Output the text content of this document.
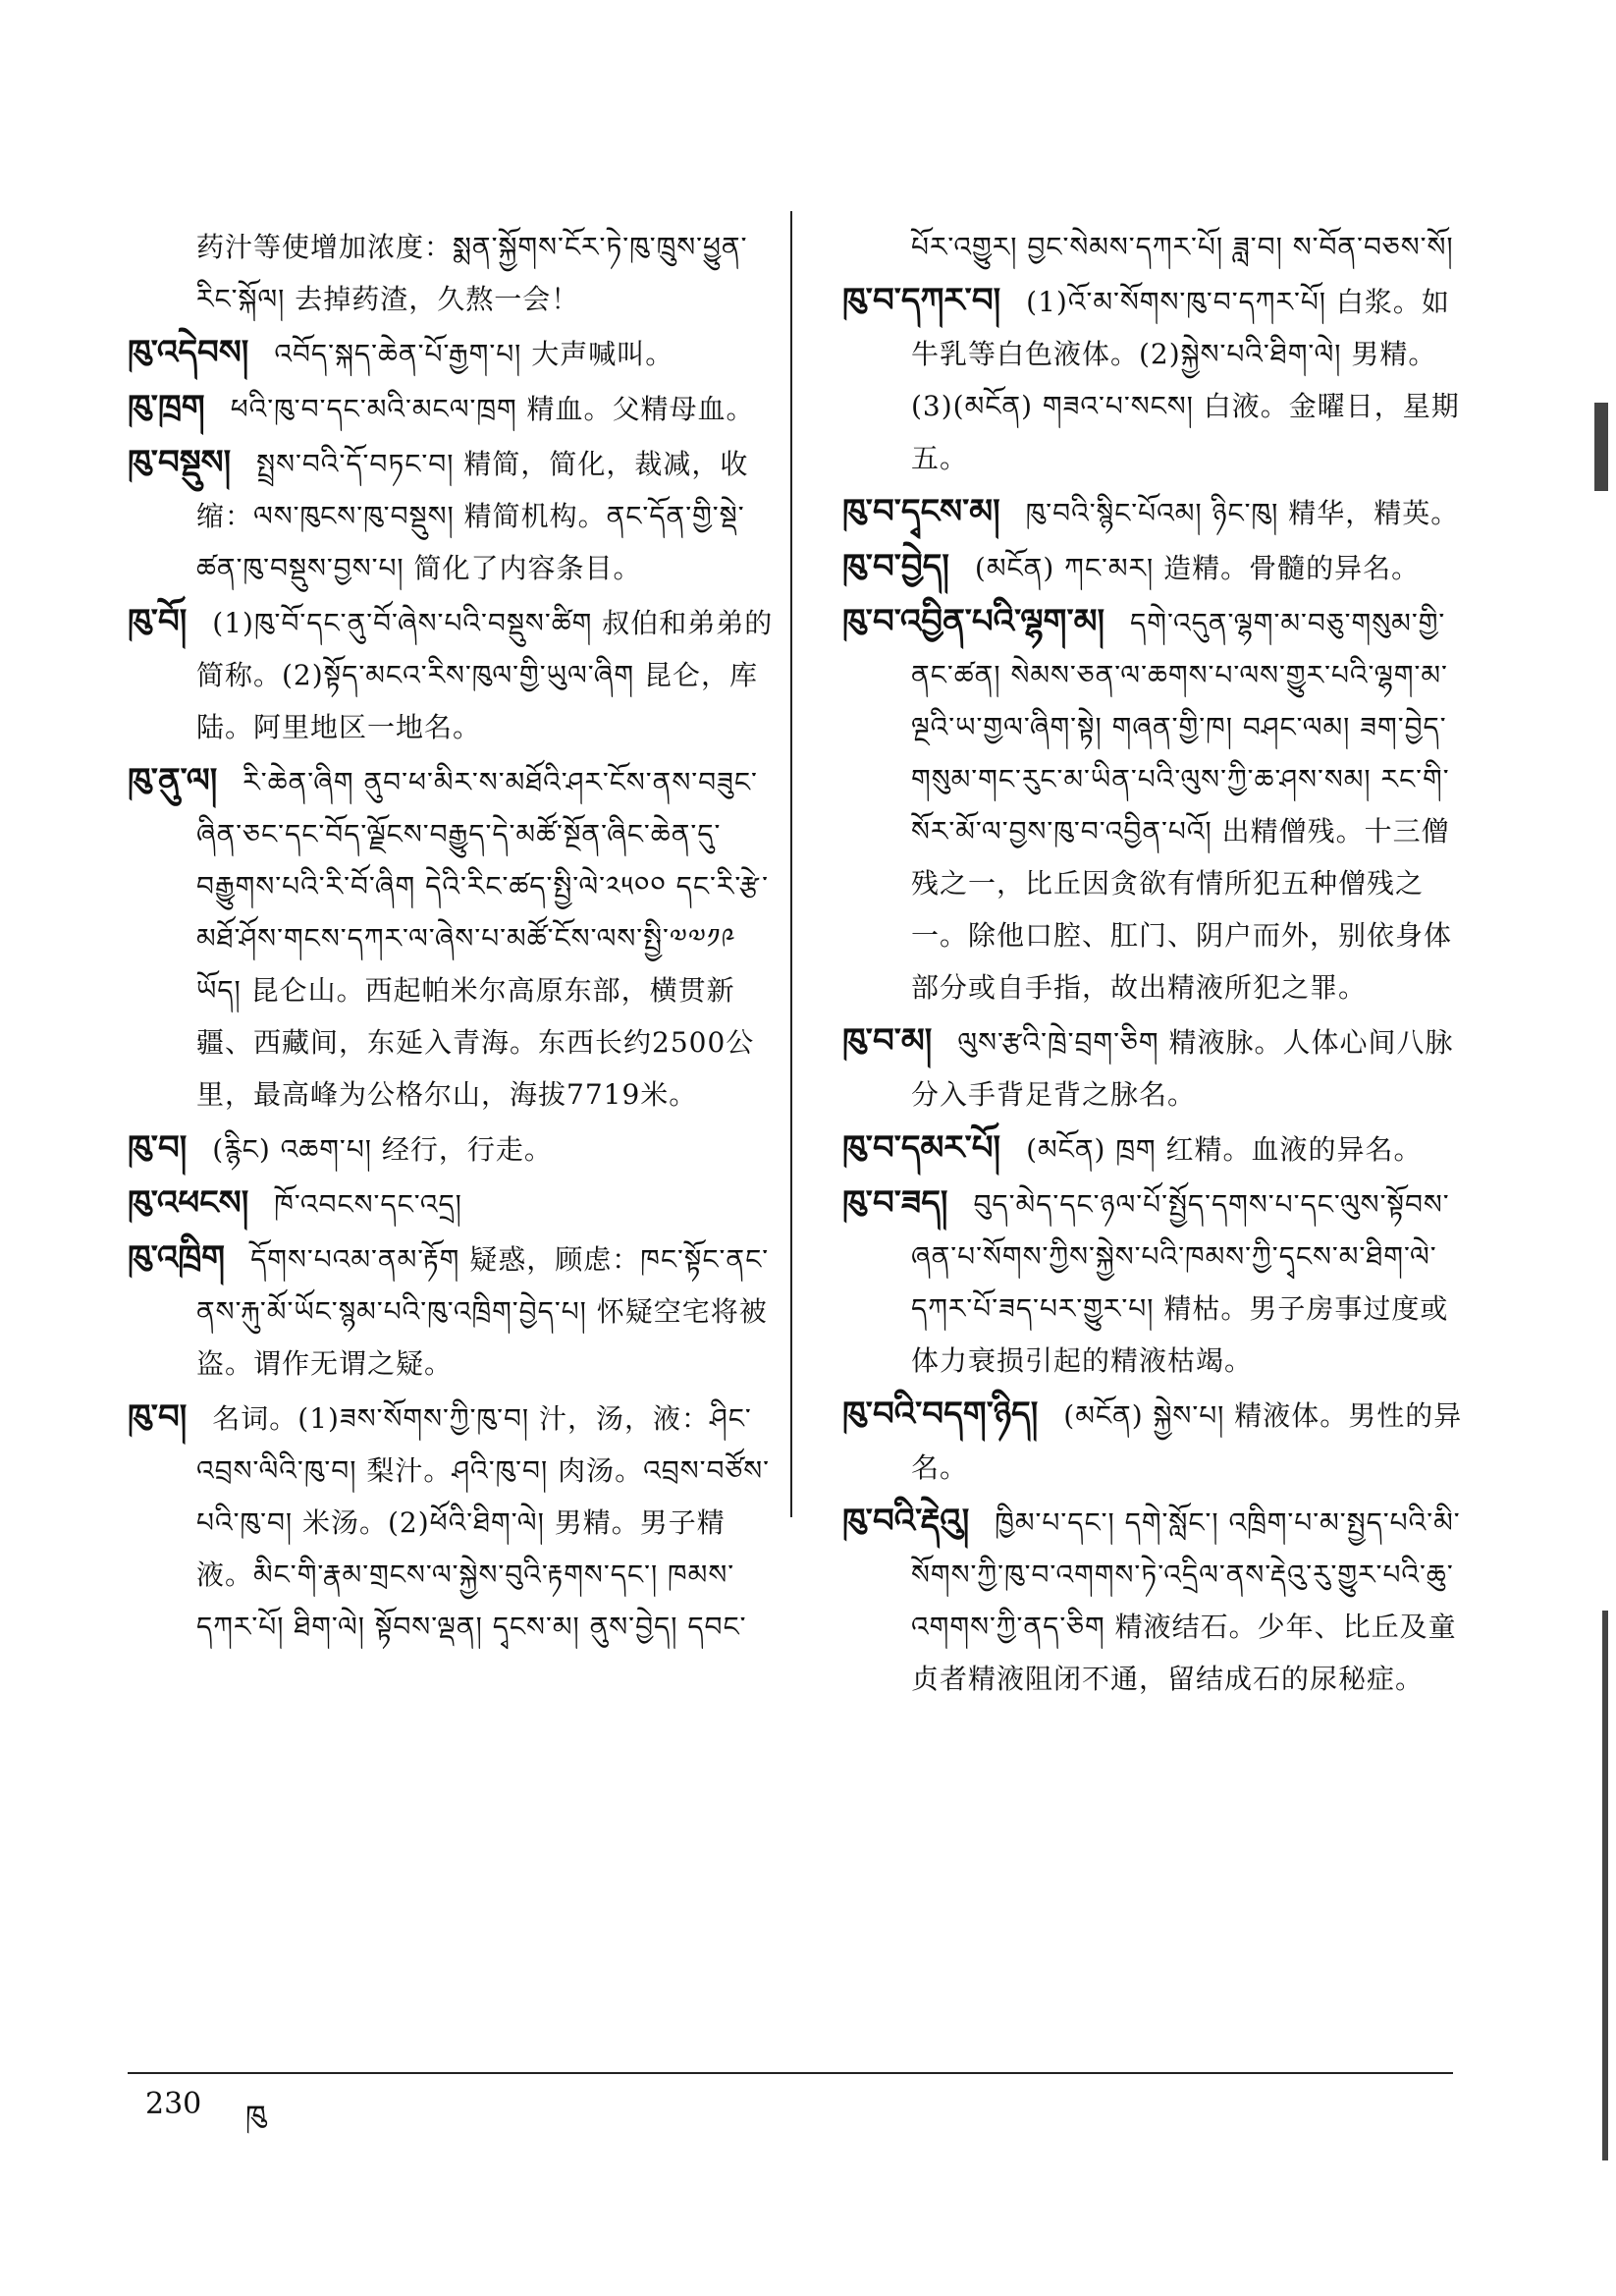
药汁等使增加浓度：སྨན་སྐྱོགས་ངོར་ཏེ་ཁུ་ཁྲུས་ཕྱུན་རིང་སྐོལ། 去掉药渣，久熬一会！
ཁུ་འདེབས། འབོད་སྐད་ཆེན་པོ་རྒྱག་པ། 大声喊叫。
ཁུ་ཁྲག ཕའི་ཁུ་བ་དང་མའི་མངལ་ཁྲག 精血。父精母血。
ཁུ་བསྡུས། སྤྲས་བའི་དོ་བཏང་བ། 精简，简化，裁减，收缩：ལས་ཁུངས་ཁུ་བསྡུས། 精简机构。ནང་དོན་གྱི་སྡེ་ཚན་ཁུ་བསྡུས་བྱས་པ། 简化了内容条目。
ཁུ་བོ། (1)ཁུ་བོ་དང་ནུ་བོ་ཞེས་པའི་བསྡུས་ཚིག 叔伯和弟弟的简称。(2)སྟོད་མངའ་རིས་ཁུལ་གྱི་ཡུལ་ཞིག 昆仑，库陆。阿里地区一地名。
ཁུ་ནུ་ལ། རི་ཆེན་ཞིག ནུབ་ཕ་མིར་ས་མཐོའི་ཤར་ངོས་ནས་བཟུང་ཞིན་ཅང་དང་བོད་ལྗོངས་བརྒྱུད་དེ་མཚོ་སྔོན་ཞིང་ཆེན་དུ་བརྒྱུགས་པའི་རི་བོ་ཞིག དེའི་རིང་ཚད་སྤྱི་ལེ་༢༥༠༠ དང་རི་རྩེ་མཐོ་ཤོས་གངས་དཀར་ལ་ཞེས་པ་མཚོ་ངོས་ལས་སྤྱི་༧༧༡༩ ཡོད། 昆仑山。西起帕米尔高原东部，横贯新疆、西藏间，东延入青海。东西长约2500公里，最高峰为公格尔山，海拔7719米。
ཁུ་བ། (རྙིང) འཆག་པ། 经行，行走。
ཁུ་འཕངས། ཁོ་འབངས་དང་འདྲ།
ཁུ་འཁྲིག དོགས་པའམ་ནམ་རྟོག 疑惑，顾虑：ཁང་སྟོང་ནང་ནས་རྐུ་མོ་ཡོང་སྙམ་པའི་ཁུ་འཁྲིག་བྱེད་པ། 怀疑空宅将被盗。谓作无谓之疑。
ཁུ་བ། 名词。(1)ཟས་སོགས་ཀྱི་ཁུ་བ། 汁，汤，液：ཤིང་འབྲས་ལིའི་ཁུ་བ། 梨汁。ཤའི་ཁུ་བ། 肉汤。འབྲས་བཙོས་པའི་ཁུ་བ། 米汤。(2)ཕོའི་ཐིག་ལེ། 男精。男子精液。མིང་གི་རྣམ་གྲངས་ལ་སྐྱེས་བུའི་རྟགས་དང་། ཁམས་དཀར་པོ། ཐིག་ལེ། སྟོབས་ལྡན། དྭངས་མ། ནུས་བྱེད། དབང་
པོར་འགྱུར། བྱང་སེམས་དཀར་པོ། ཟླ་བ། ས་བོན་བཅས་སོ།
ཁུ་བ་དཀར་བ། (1)འོ་མ་སོགས་ཁུ་བ་དཀར་པོ། 白浆。如牛乳等白色液体。(2)སྐྱེས་པའི་ཐིག་ལེ། 男精。(3)(མངོན) གཟའ་པ་སངས། 白液。金曜日，星期五。
ཁུ་བ་དྭངས་མ། ཁུ་བའི་སྙིང་པོའམ། ཉིང་ཁུ། 精华，精英。
ཁུ་བ་བྱེད། (མངོན) ཀང་མར། 造精。骨髓的异名。
ཁུ་བ་འབྱིན་པའི་ལྷག་མ། དགེ་འདུན་ལྷག་མ་བཅུ་གསུམ་གྱི་ནང་ཚན། སེམས་ཅན་ལ་ཆགས་པ་ལས་གྱུར་པའི་ལྷག་མ་ལྔའི་ཡ་གྱལ་ཞིག་སྟེ། གཞན་གྱི་ཁ། བཤང་ལམ། ཟག་བྱེད་གསུམ་གང་རུང་མ་ཡིན་པའི་ལུས་ཀྱི་ཆ་ཤས་སམ། རང་གི་སོར་མོ་ལ་བྱས་ཁུ་བ་འབྱིན་པའོ། 出精僧残。十三僧残之一，比丘因贪欲有情所犯五种僧残之一。除他口腔、肛门、阴户而外，别依身体部分或自手指，故出精液所犯之罪。
ཁུ་བ་མ། ལུས་རྩའི་ཁྲེ་བྲག་ཅིག 精液脉。人体心间八脉分入手背足背之脉名。
ཁུ་བ་དམར་པོ། (མངོན) ཁྲག 红精。血液的异名。
ཁུ་བ་ཟད། བུད་མེད་དང་ཉལ་པོ་སྤྱོད་དགས་པ་དང་ལུས་སྟོབས་ཞན་པ་སོགས་ཀྱིས་སྐྱེས་པའི་ཁམས་ཀྱི་དྭངས་མ་ཐིག་ལེ་དཀར་པོ་ཟད་པར་གྱུར་པ། 精枯。男子房事过度或体力衰损引起的精液枯竭。
ཁུ་བའི་བདག་ཉིད། (མངོན) སྐྱེས་པ། 精液体。男性的异名。
ཁུ་བའི་རྡེའུ། ཁྱིམ་པ་དང་། དགེ་སློང་། འཁྲིག་པ་མ་སྤྱད་པའི་མི་སོགས་ཀྱི་ཁུ་བ་འགགས་ཏེ་འདྲིལ་ནས་རྡེའུ་རུ་གྱུར་པའི་ཆུ་འགགས་ཀྱི་ནད་ཅིག 精液结石。少年、比丘及童贞者精液阻闭不通，留结成石的尿秘症。
230 ཁུ
